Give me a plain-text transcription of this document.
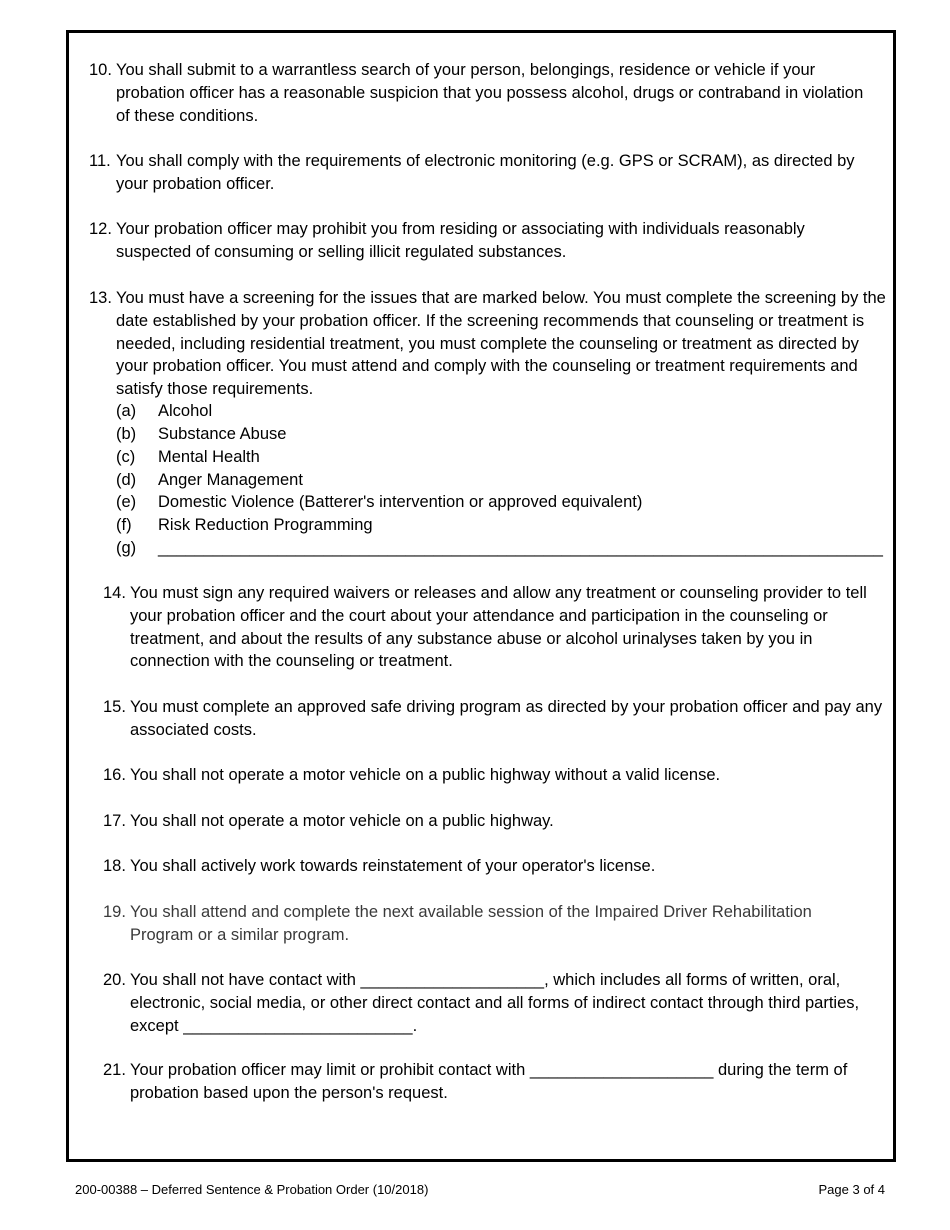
10. You shall submit to a warrantless search of your person, belongings, residence or vehicle if your probation officer has a reasonable suspicion that you possess alcohol, drugs or contraband in violation of these conditions.
11. You shall comply with the requirements of electronic monitoring (e.g. GPS or SCRAM), as directed by your probation officer.
12. Your probation officer may prohibit you from residing or associating with individuals reasonably suspected of consuming or selling illicit regulated substances.
13. You must have a screening for the issues that are marked below. You must complete the screening by the date established by your probation officer. If the screening recommends that counseling or treatment is needed, including residential treatment, you must complete the counseling or treatment as directed by your probation officer. You must attend and comply with the counseling or treatment requirements and satisfy those requirements.
(a) Alcohol
(b) Substance Abuse
(c) Mental Health
(d) Anger Management
(e) Domestic Violence (Batterer's intervention or approved equivalent)
(f) Risk Reduction Programming
(g) _______________________________________________________________________________
14. You must sign any required waivers or releases and allow any treatment or counseling provider to tell your probation officer and the court about your attendance and participation in the counseling or treatment, and about the results of any substance abuse or alcohol urinalyses taken by you in connection with the counseling or treatment.
15. You must complete an approved safe driving program as directed by your probation officer and pay any associated costs.
16. You shall not operate a motor vehicle on a public highway without a valid license.
17. You shall not operate a motor vehicle on a public highway.
18. You shall actively work towards reinstatement of your operator's license.
19. You shall attend and complete the next available session of the Impaired Driver Rehabilitation Program or a similar program.
20. You shall not have contact with ____________________, which includes all forms of written, oral, electronic, social media, or other direct contact and all forms of indirect contact through third parties, except _________________________.
21. Your probation officer may limit or prohibit contact with ____________________ during the term of probation based upon the person's request.
200-00388 – Deferred Sentence & Probation Order (10/2018)	Page 3 of 4
